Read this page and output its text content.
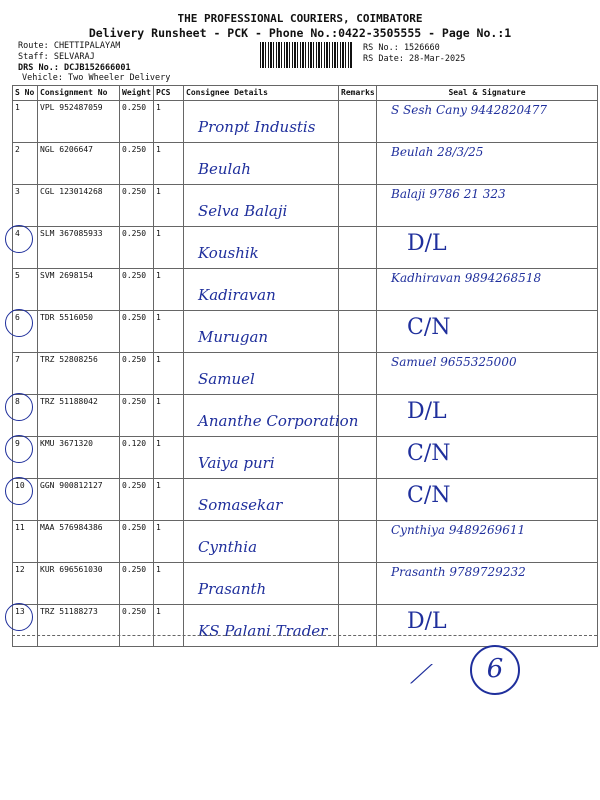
THE PROFESSIONAL COURIERS, COIMBATORE
Delivery Runsheet - PCK - Phone No.:0422-3505555 - Page No.:1
Route: CHETTIPALAYAM
Staff: SELVARAJ
DRS No.: DCJB152666001
Vehicle: Two Wheeler Delivery
RS No.: 1526660
RS Date: 28-Mar-2025
S No	Consignment No	Weight	PCS	Consignee Details	Remarks	Seal & Signature
1	VPL 952487059	0.250	1	Pronpt Industis		S Sesh Cany 9442820477

2	NGL 6206647	0.250	1	Beulah		Beulah 28/3/25

3	CGL 123014268	0.250	1	Selva Balaji		Balaji 9786 21 323

4	SLM 367085933	0.250	1	Koushik		D/L

5	SVM 2698154	0.250	1	Kadiravan		Kadhiravan 9894268518

6	TDR 5516050	0.250	1	Murugan		C/N

7	TRZ 52808256	0.250	1	Samuel		Samuel 9655325000

8	TRZ 51188042	0.250	1	Ananthe Corporation		D/L

9	KMU 3671320	0.120	1	Vaiya puri		C/N

10	GGN 900812127	0.250	1	Somasekar		C/N

11	MAA 576984386	0.250	1	Cynthia		Cynthiya 9489269611

12	KUR 696561030	0.250	1	Prasanth		Prasanth 9789729232

13	TRZ 51188273	0.250	1	KS Palani Trader		D/L
⟋	6
